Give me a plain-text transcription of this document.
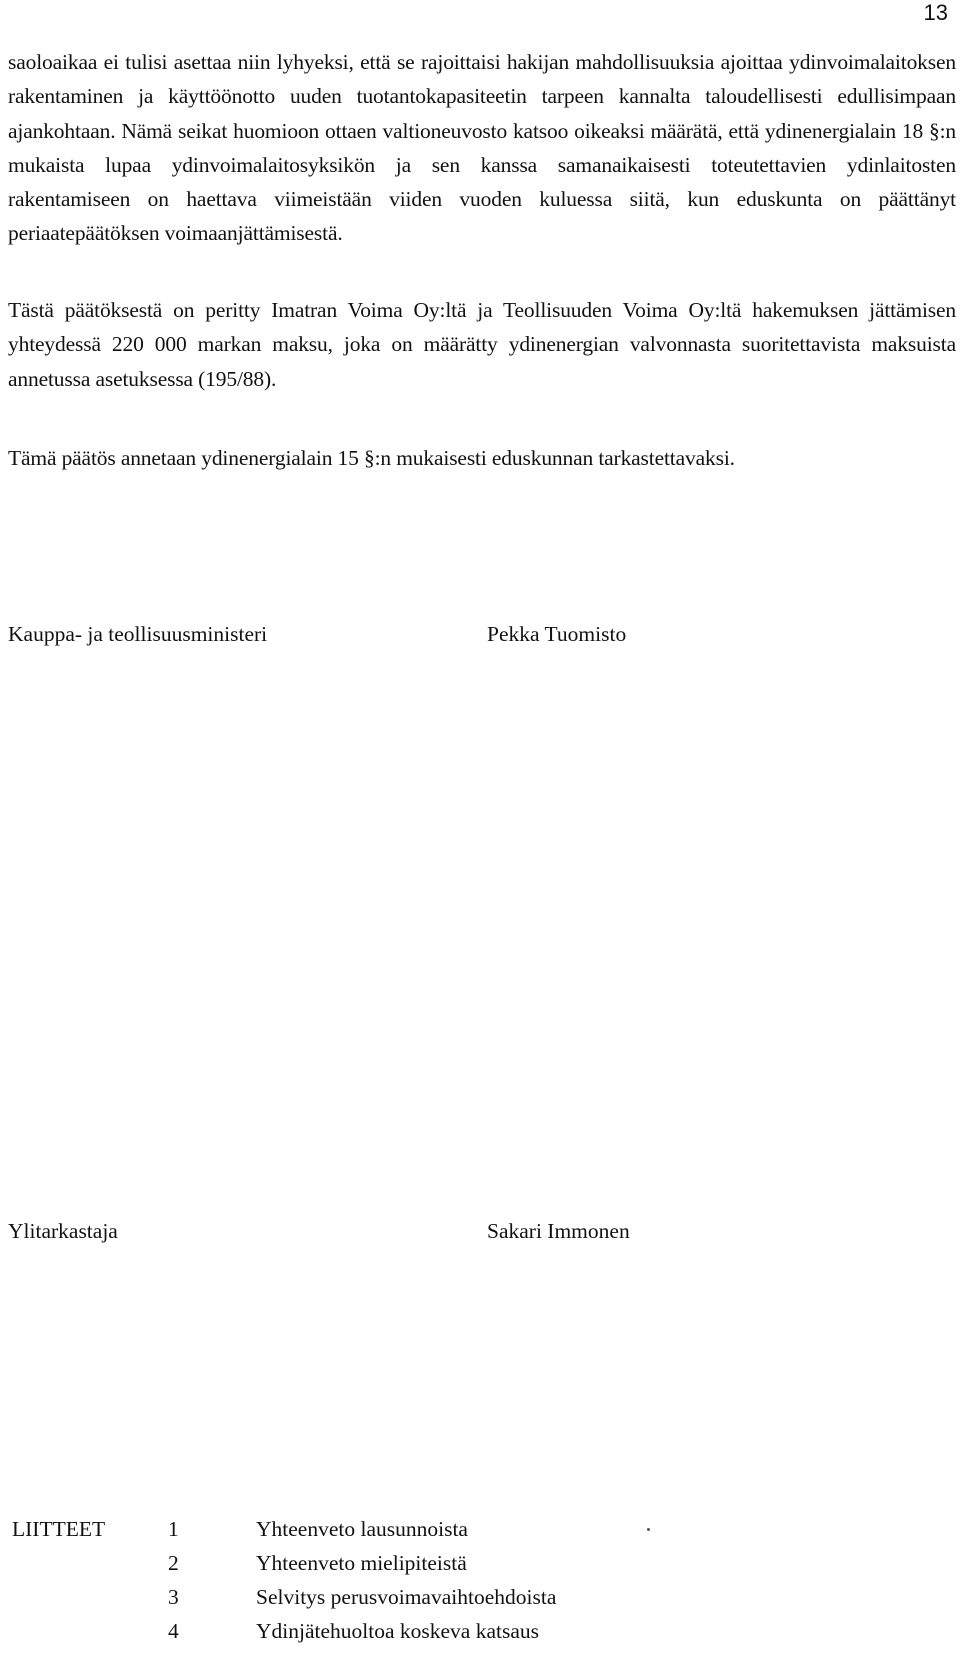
13

saoloaikaa ei tulisi asettaa niin lyhyeksi, että se rajoittaisi hakijan mahdollisuuksia ajoittaa ydinvoimalaitoksen rakentaminen ja käyttöönotto uuden tuotantokapasiteetin tarpeen kannalta taloudellisesti edullisimpaan ajankohtaan. Nämä seikat huomioon ottaen valtioneuvosto katsoo oikeaksi määrätä, että ydinenergialain 18 §:n mukaista lupaa ydinvoimalaitosyksikön ja sen kanssa samanaikaisesti toteutettavien ydinlaitosten rakentamiseen on haettava viimeistään viiden vuoden kuluessa siitä, kun eduskunta on päättänyt periaatepäätöksen voimaanjättämisestä.

Tästä päätöksestä on peritty Imatran Voima Oy:ltä ja Teollisuuden Voima Oy:ltä hakemuksen jättämisen yhteydessä 220 000 markan maksu, joka on määrätty ydinenergian valvonnasta suoritettavista maksuista annetussa asetuksessa (195/88).

Tämä päätös annetaan ydinenergialain 15 §:n mukaisesti eduskunnan tarkastettavaksi.

Kauppa- ja teollisuusministeri	Pekka Tuomisto
Ylitarkastaja	Sakari Immonen
LIITTEET	1	Yhteenveto lausunnoista
2	Yhteenveto mielipiteistä
3	Selvitys perusvoimavaihtoehdoista
4	Ydinjätehuoltoa koskeva katsaus
